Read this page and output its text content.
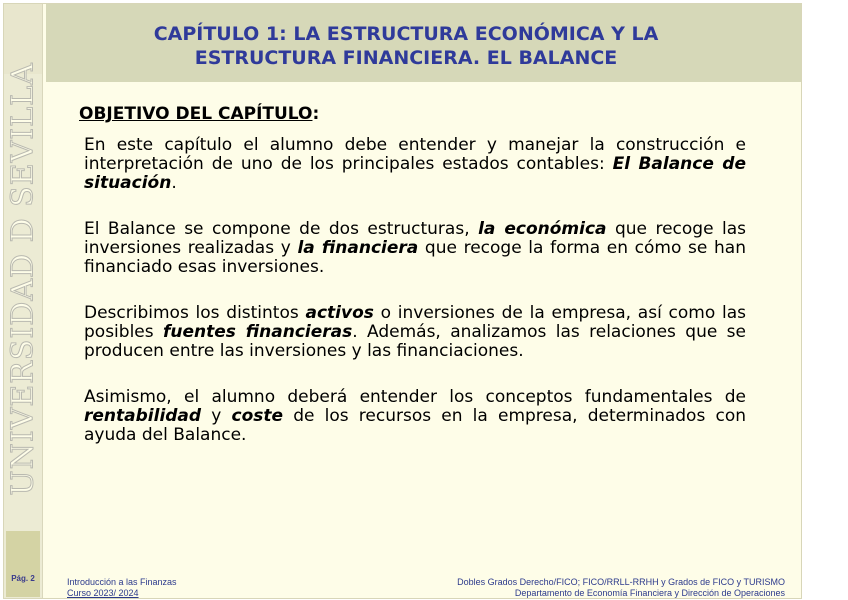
UNIVERSIDAD D SEVILLA
Pág. 2
CAPÍTULO 1: LA ESTRUCTURA ECONÓMICA Y LA
ESTRUCTURA FINANCIERA. EL BALANCE
OBJETIVO DEL CAPÍTULO:

En este capítulo el alumno debe entender y manejar la construcción e interpretación de uno de los principales estados contables: El Balance de situación.

El Balance se compone de dos estructuras, la económica que recoge las inversiones realizadas y la financiera que recoge la forma en cómo se han financiado esas inversiones.

Describimos los distintos activos o inversiones de la empresa, así como las posibles fuentes financieras. Además, analizamos las relaciones que se producen entre las inversiones y las financiaciones.

Asimismo, el alumno deberá entender los conceptos fundamentales de rentabilidad y coste de los recursos en la empresa, determinados con ayuda del Balance.

Introducción a las Finanzas
Curso 2023/ 2024
Dobles Grados Derecho/FICO; FICO/RRLL-RRHH y Grados de FICO y TURISMO
Departamento de Economía Financiera y Dirección de Operaciones
